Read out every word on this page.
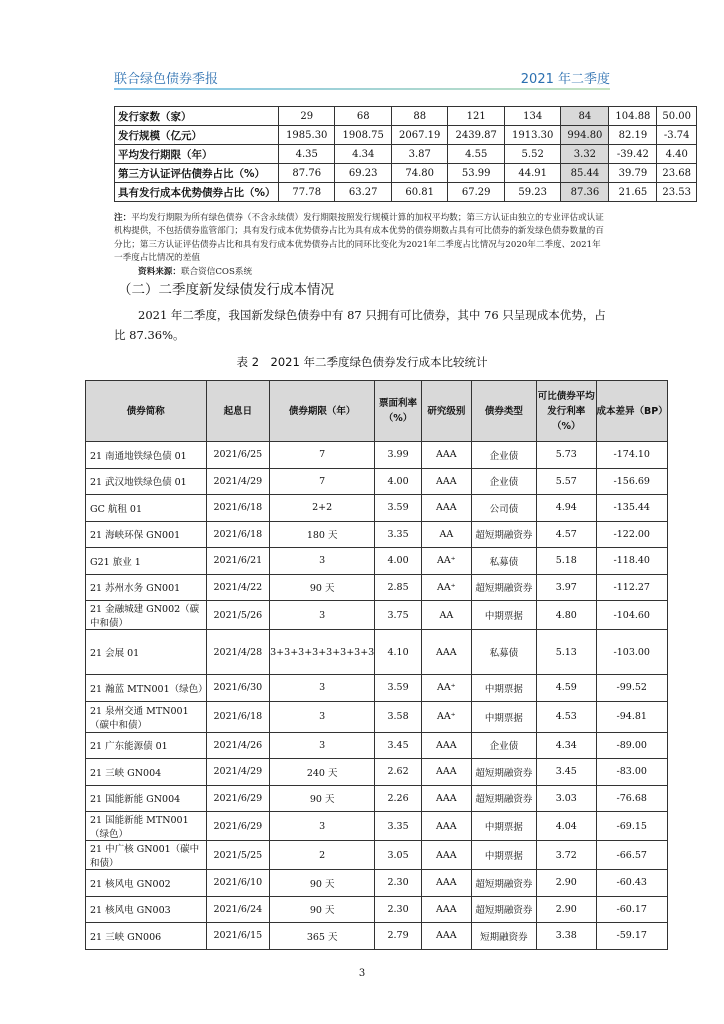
联合绿色债券季报	2021 年二季度
发行家数（家）	29	68	88	121	134	84	104.88	50.00
发行规模（亿元）	1985.30	1908.75	2067.19	2439.87	1913.30	994.80	82.19	-3.74
平均发行期限（年）	4.35	4.34	3.87	4.55	5.52	3.32	-39.42	4.40
第三方认证评估债券占比（%）	87.76	69.23	74.80	53.99	44.91	85.44	39.79	23.68
具有发行成本优势债券占比（%）	77.78	63.27	60.81	67.29	59.23	87.36	21.65	23.53
注：平均发行期限为所有绿色债券（不含永续债）发行期限按照发行规模计算的加权平均数；第三方认证由独立的专业评估或认证机构提供，不包括债券监管部门；具有发行成本优势债券占比为具有成本优势的债券期数占具有可比债券的新发绿色债券数量的百分比；第三方认证评估债券占比和具有发行成本优势债券占比的同环比变化为2021年二季度占比情况与2020年二季度、2021年一季度占比情况的差值
资料来源：联合资信COS系统
（二）二季度新发绿债发行成本情况
2021 年二季度，我国新发绿色债券中有 87 只拥有可比债券，其中 76 只呈现成本优势，占比 87.36%。
表 2　2021 年二季度绿色债券发行成本比较统计
债券简称	起息日	债券期限（年）	票面利率（%）	研究级别	债券类型	可比债券平均发行利率（%）	成本差异（BP）
21 南通地铁绿色债 01	2021/6/25	7	3.99	AAA	企业债	5.73	-174.10
21 武汉地铁绿色债 01	2021/4/29	7	4.00	AAA	企业债	5.57	-156.69
GC 航租 01	2021/6/18	2+2	3.59	AAA	公司债	4.94	-135.44
21 海峡环保 GN001	2021/6/18	180 天	3.35	AA	超短期融资券	4.57	-122.00
G21 旅业 1	2021/6/21	3	4.00	AA⁺	私募债	5.18	-118.40
21 苏州水务 GN001	2021/4/22	90 天	2.85	AA⁺	超短期融资券	3.97	-112.27
21 金融城建 GN002（碳中和债）	2021/5/26	3	3.75	AA	中期票据	4.80	-104.60
21 会展 01	2021/4/28	3+3+3+3+3+3+3+3	4.10	AAA	私募债	5.13	-103.00
21 瀚蓝 MTN001（绿色）	2021/6/30	3	3.59	AA⁺	中期票据	4.59	-99.52
21 泉州交通 MTN001（碳中和债）	2021/6/18	3	3.58	AA⁺	中期票据	4.53	-94.81
21 广东能源债 01	2021/4/26	3	3.45	AAA	企业债	4.34	-89.00
21 三峡 GN004	2021/4/29	240 天	2.62	AAA	超短期融资券	3.45	-83.00
21 国能新能 GN004	2021/6/29	90 天	2.26	AAA	超短期融资券	3.03	-76.68
21 国能新能 MTN001（绿色）	2021/6/29	3	3.35	AAA	中期票据	4.04	-69.15
21 中广核 GN001（碳中和债）	2021/5/25	2	3.05	AAA	中期票据	3.72	-66.57
21 核风电 GN002	2021/6/10	90 天	2.30	AAA	超短期融资券	2.90	-60.43
21 核风电 GN003	2021/6/24	90 天	2.30	AAA	超短期融资券	2.90	-60.17
21 三峡 GN006	2021/6/15	365 天	2.79	AAA	短期融资券	3.38	-59.17
3
